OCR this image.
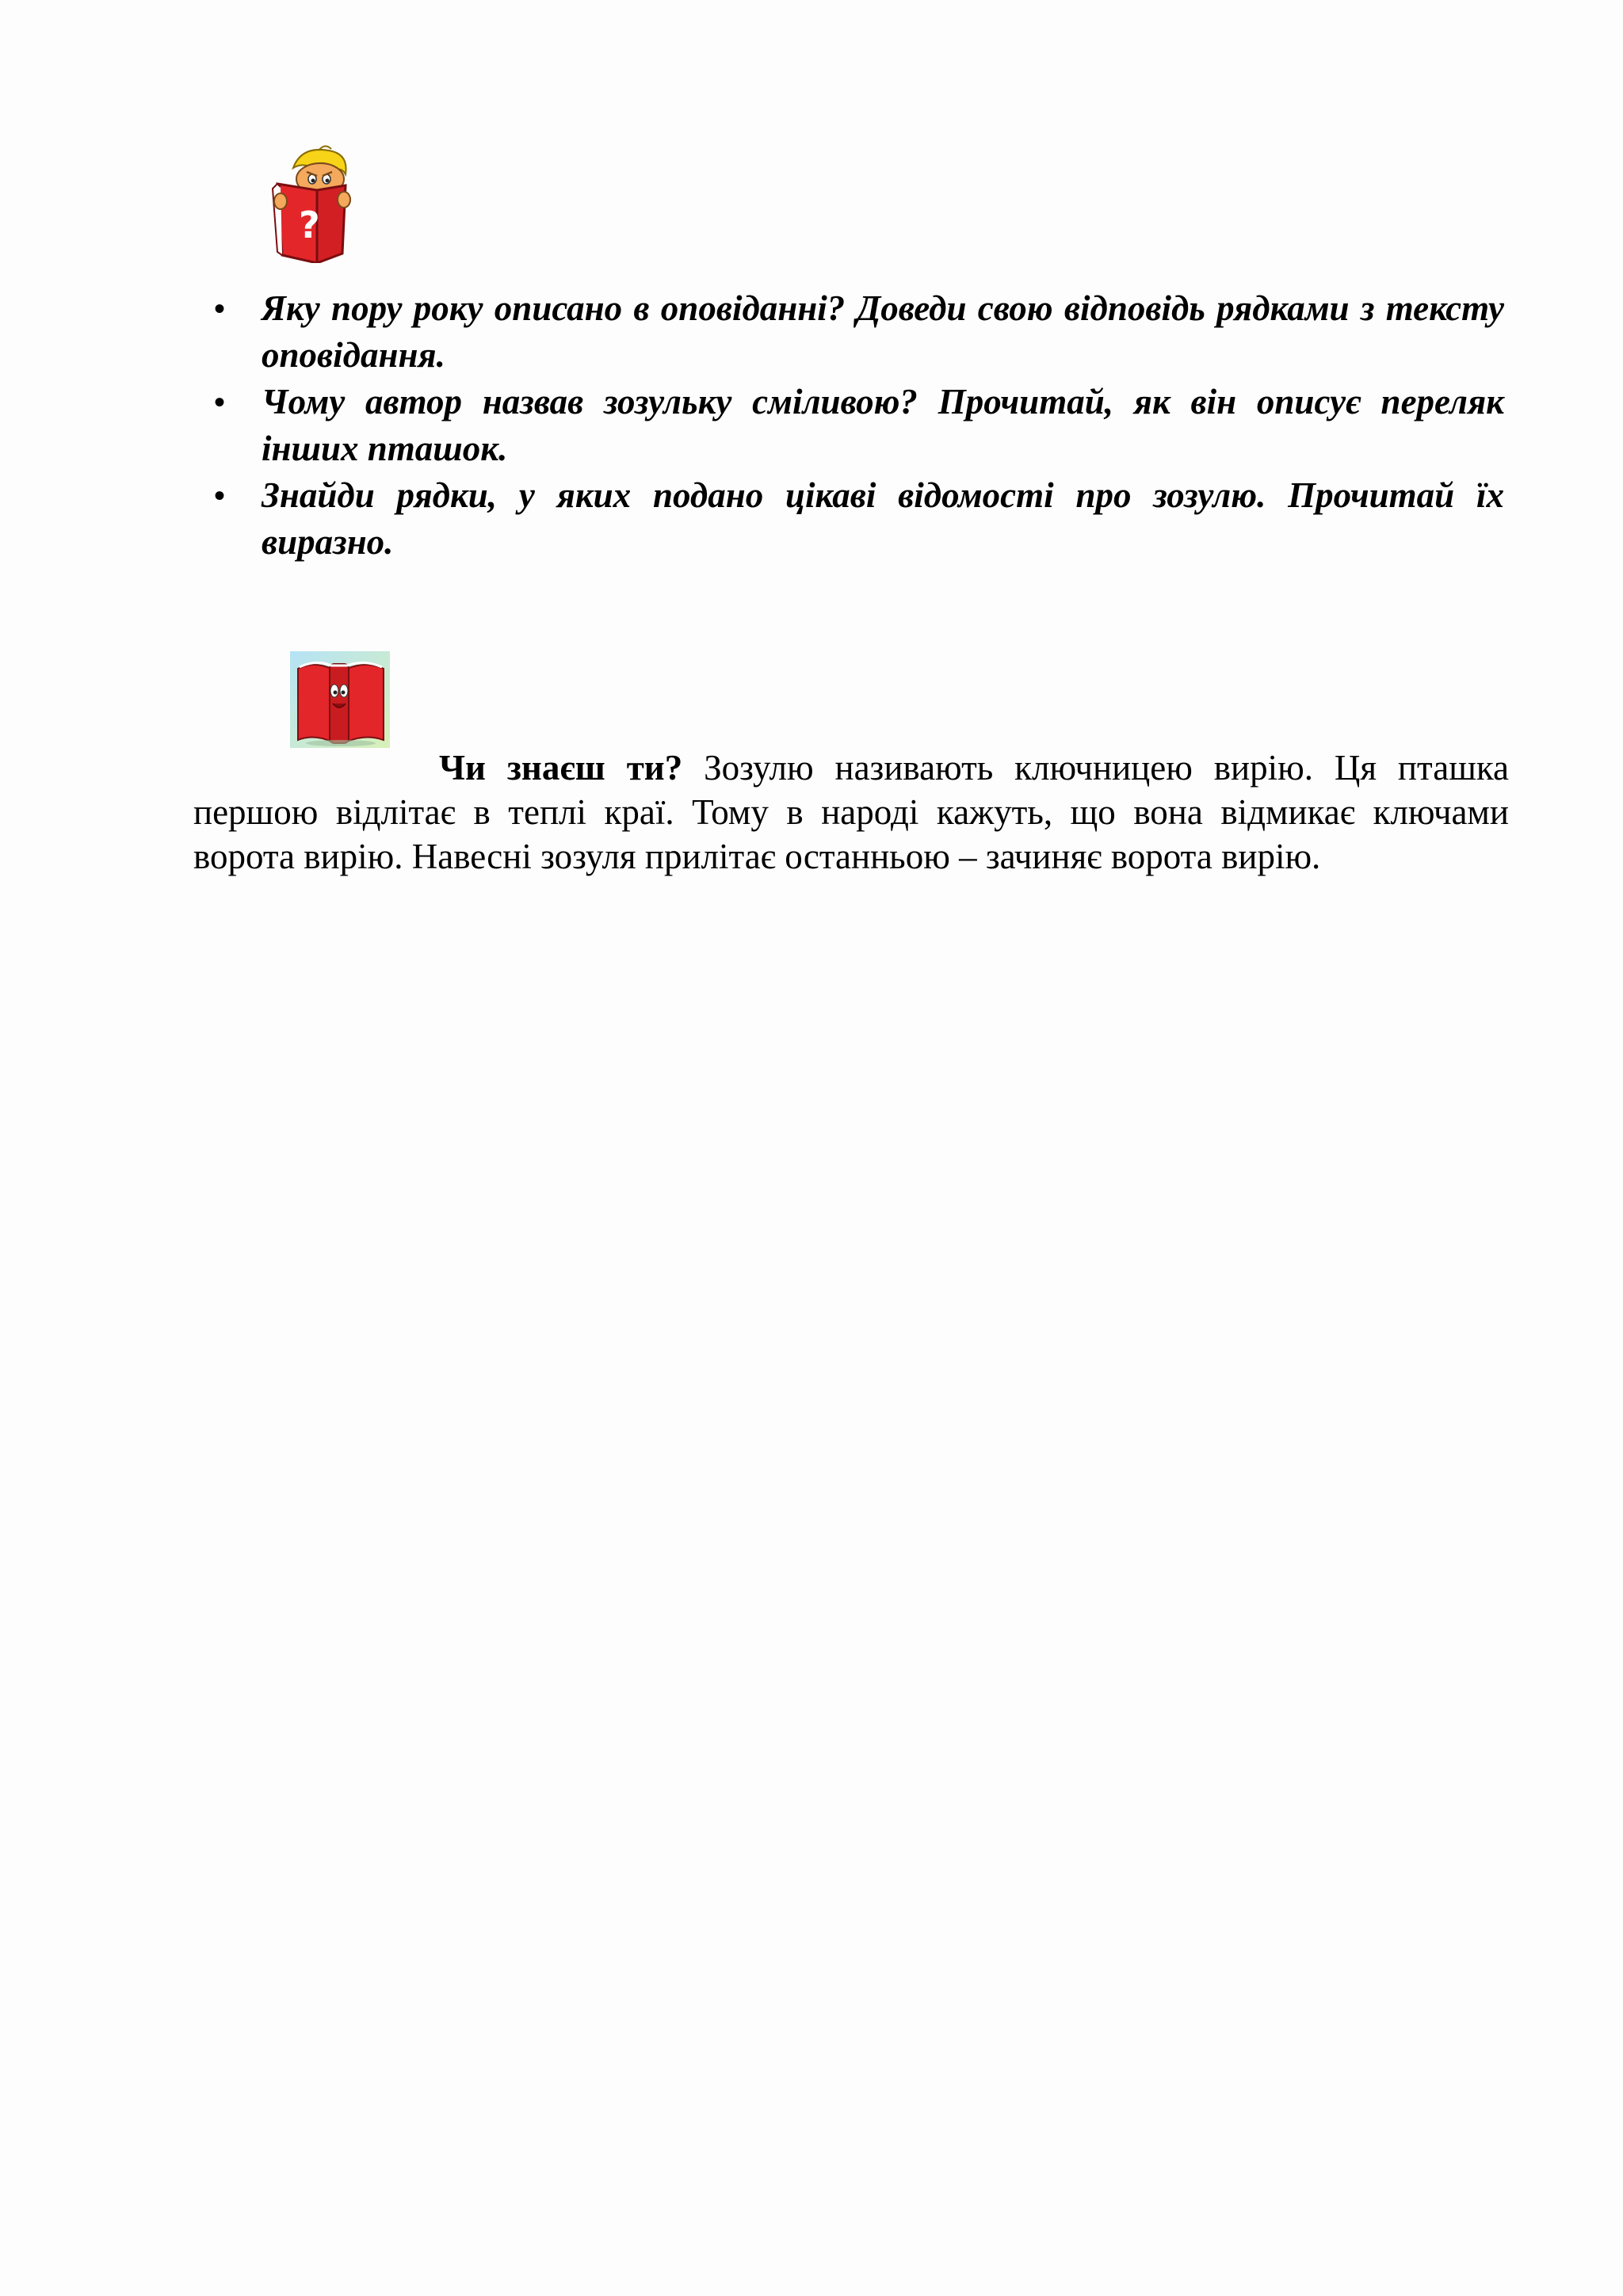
?
• Яку пору року описано в оповіданні? Доведи свою відповідь рядками з тексту оповідання.
• Чому автор назвав зозульку сміливою? Прочитай, як він описує переляк інших пташок.
• Знайди рядки, у яких подано цікаві відомості про зозулю. Прочитай їх виразно.

Чи знаєш ти? Зозулю називають ключницею вирію. Ця пташка першою відлітає в теплі краї. Тому в народі кажуть, що вона відмикає ключами ворота вирію. Навесні зозуля прилітає останньою – зачиняє ворота вирію.
